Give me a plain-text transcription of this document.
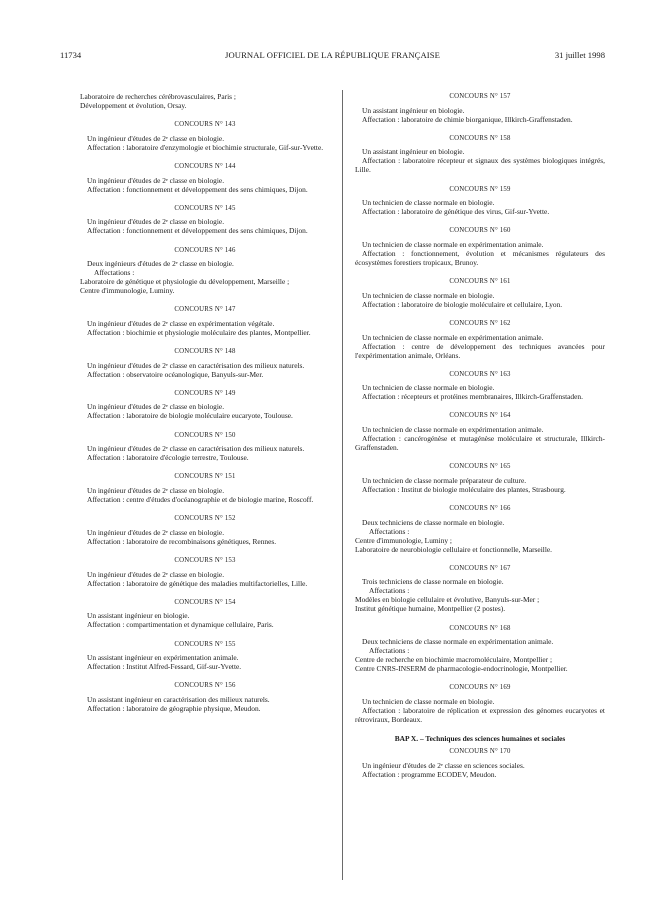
11734	JOURNAL OFFICIEL DE LA RÉPUBLIQUE FRANÇAISE	31 juillet 1998
Laboratoire de recherches cérébrovasculaires, Paris ;
Développement et évolution, Orsay.
CONCOURS N° 143
Un ingénieur d'études de 2ᵉ classe en biologie.
Affectation : laboratoire d'enzymologie et biochimie structurale, Gif-sur-Yvette.
CONCOURS N° 144
Un ingénieur d'études de 2ᵉ classe en biologie.
Affectation : fonctionnement et développement des sens chimiques, Dijon.
CONCOURS N° 145
Un ingénieur d'études de 2ᵉ classe en biologie.
Affectation : fonctionnement et développement des sens chimiques, Dijon.
CONCOURS N° 146
Deux ingénieurs d'études de 2ᵉ classe en biologie.
Affectations :
Laboratoire de génétique et physiologie du développement, Marseille ;
Centre d'immunologie, Luminy.
CONCOURS N° 147
Un ingénieur d'études de 2ᵉ classe en expérimentation végétale.
Affectation : biochimie et physiologie moléculaire des plantes, Montpellier.
CONCOURS N° 148
Un ingénieur d'études de 2ᵉ classe en caractérisation des milieux naturels.
Affectation : observatoire océanologique, Banyuls-sur-Mer.
CONCOURS N° 149
Un ingénieur d'études de 2ᵉ classe en biologie.
Affectation : laboratoire de biologie moléculaire eucaryote, Toulouse.
CONCOURS N° 150
Un ingénieur d'études de 2ᵉ classe en caractérisation des milieux naturels.
Affectation : laboratoire d'écologie terrestre, Toulouse.
CONCOURS N° 151
Un ingénieur d'études de 2ᵉ classe en biologie.
Affectation : centre d'études d'océanographie et de biologie marine, Roscoff.
CONCOURS N° 152
Un ingénieur d'études de 2ᵉ classe en biologie.
Affectation : laboratoire de recombinaisons génétiques, Rennes.
CONCOURS N° 153
Un ingénieur d'études de 2ᵉ classe en biologie.
Affectation : laboratoire de génétique des maladies multifactorielles, Lille.
CONCOURS N° 154
Un assistant ingénieur en biologie.
Affectation : compartimentation et dynamique cellulaire, Paris.
CONCOURS N° 155
Un assistant ingénieur en expérimentation animale.
Affectation : Institut Alfred-Fessard, Gif-sur-Yvette.
CONCOURS N° 156
Un assistant ingénieur en caractérisation des milieux naturels.
Affectation : laboratoire de géographie physique, Meudon.
CONCOURS N° 157
Un assistant ingénieur en biologie.
Affectation : laboratoire de chimie biorganique, Illkirch-Graffenstaden.
CONCOURS N° 158
Un assistant ingénieur en biologie.
Affectation : laboratoire récepteur et signaux des systèmes biologiques intégrés, Lille.
CONCOURS N° 159
Un technicien de classe normale en biologie.
Affectation : laboratoire de génétique des virus, Gif-sur-Yvette.
CONCOURS N° 160
Un technicien de classe normale en expérimentation animale.
Affectation : fonctionnement, évolution et mécanismes régulateurs des écosystèmes forestiers tropicaux, Brunoy.
CONCOURS N° 161
Un technicien de classe normale en biologie.
Affectation : laboratoire de biologie moléculaire et cellulaire, Lyon.
CONCOURS N° 162
Un technicien de classe normale en expérimentation animale.
Affectation : centre de développement des techniques avancées pour l'expérimentation animale, Orléans.
CONCOURS N° 163
Un technicien de classe normale en biologie.
Affectation : récepteurs et protéines membranaires, Illkirch-Graffenstaden.
CONCOURS N° 164
Un technicien de classe normale en expérimentation animale.
Affectation : cancérogénèse et mutagénèse moléculaire et structurale, Illkirch-Graffenstaden.
CONCOURS N° 165
Un technicien de classe normale préparateur de culture.
Affectation : Institut de biologie moléculaire des plantes, Strasbourg.
CONCOURS N° 166
Deux techniciens de classe normale en biologie.
Affectations :
Centre d'immunologie, Luminy ;
Laboratoire de neurobiologie cellulaire et fonctionnelle, Marseille.
CONCOURS N° 167
Trois techniciens de classe normale en biologie.
Affectations :
Modèles en biologie cellulaire et évolutive, Banyuls-sur-Mer ;
Institut génétique humaine, Montpellier (2 postes).
CONCOURS N° 168
Deux techniciens de classe normale en expérimentation animale.
Affectations :
Centre de recherche en biochimie macromoléculaire, Montpellier ;
Centre CNRS-INSERM de pharmacologie-endocrinologie, Montpellier.
CONCOURS N° 169
Un technicien de classe normale en biologie.
Affectation : laboratoire de réplication et expression des génomes eucaryotes et rétroviraux, Bordeaux.
BAP X. – Techniques des sciences humaines et sociales
CONCOURS N° 170
Un ingénieur d'études de 2ᵉ classe en sciences sociales.
Affectation : programme ECODEV, Meudon.
